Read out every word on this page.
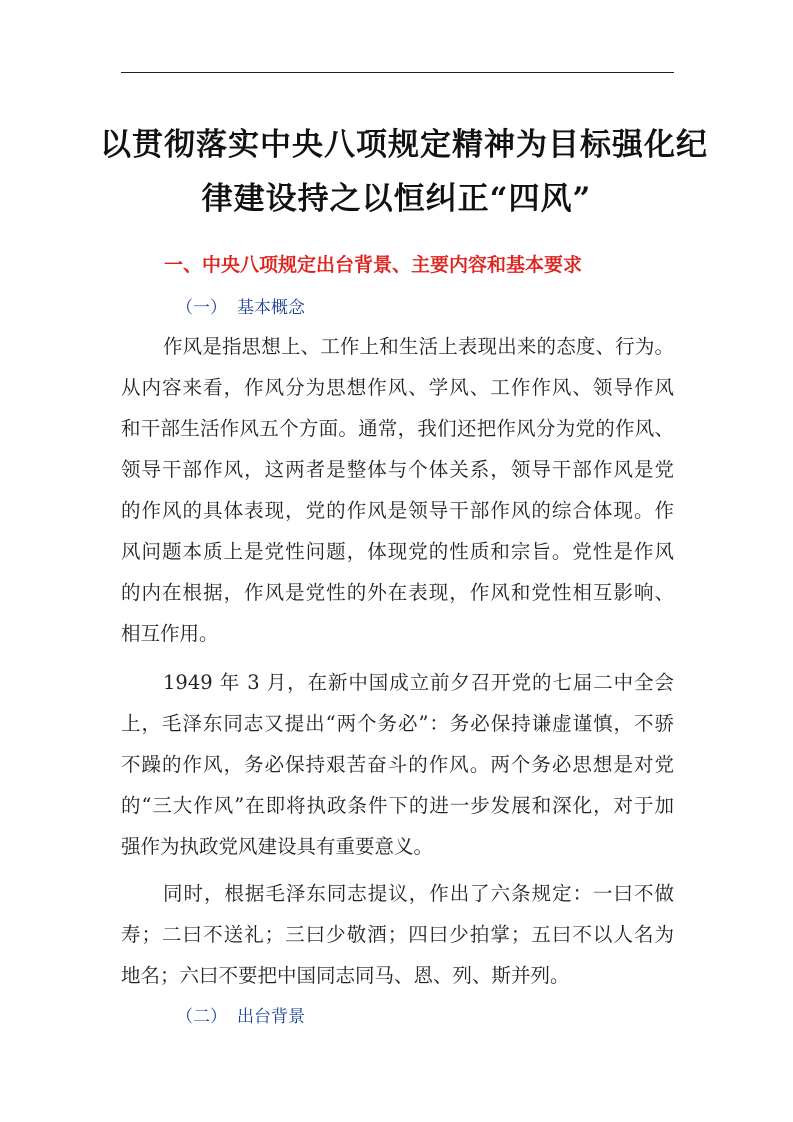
以贯彻落实中央八项规定精神为目标强化纪
律建设持之以恒纠正“四风”
一、中央八项规定出台背景、主要内容和基本要求
（一） 基本概念
作风是指思想上、工作上和生活上表现出来的态度、行为。
从内容来看，作风分为思想作风、学风、工作作风、领导作风
和干部生活作风五个方面。通常，我们还把作风分为党的作风、
领导干部作风，这两者是整体与个体关系，领导干部作风是党
的作风的具体表现，党的作风是领导干部作风的综合体现。作
风问题本质上是党性问题，体现党的性质和宗旨。党性是作风
的内在根据，作风是党性的外在表现，作风和党性相互影响、
相互作用。
1949 年 3 月，在新中国成立前夕召开党的七届二中全会
上，毛泽东同志又提出“两个务必”：务必保持谦虚谨慎，不骄
不躁的作风，务必保持艰苦奋斗的作风。两个务必思想是对党
的“三大作风”在即将执政条件下的进一步发展和深化，对于加
强作为执政党风建设具有重要意义。
同时，根据毛泽东同志提议，作出了六条规定：一曰不做
寿；二曰不送礼；三曰少敬酒；四曰少拍掌；五曰不以人名为
地名；六曰不要把中国同志同马、恩、列、斯并列。
（二） 出台背景
